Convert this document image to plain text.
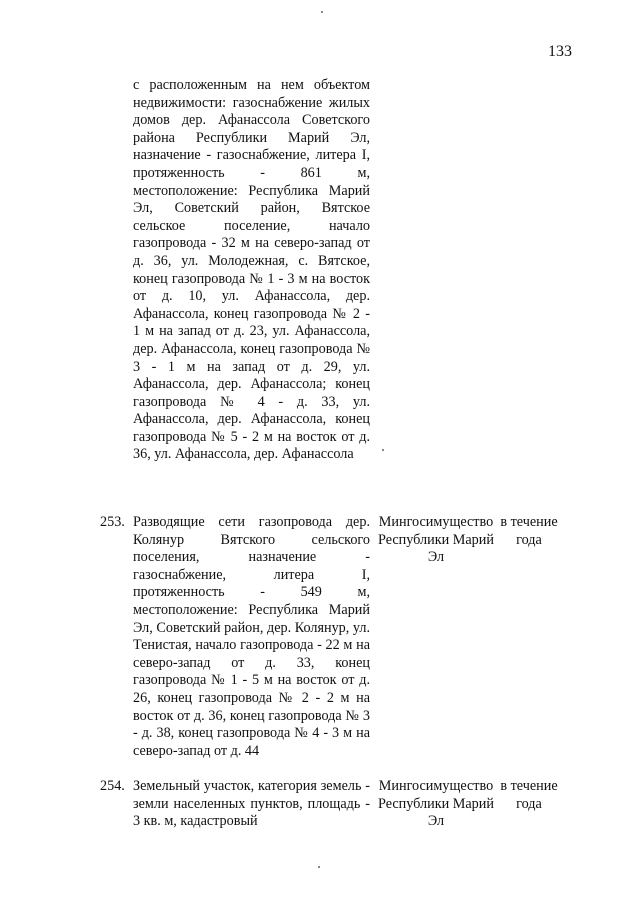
133
с расположенным на нем объектом недвижимости: газоснабжение жилых домов дер. Афанассола Советского района Республики Марий Эл, назначение - газоснабжение, литера I, протяженность - 861 м, местоположение: Республика Марий Эл, Советский район, Вятское сельское поселение, начало газопровода - 32 м на северо-запад от д. 36, ул. Молодежная, с. Вятское, конец газопровода № 1 - 3 м на восток от д. 10, ул. Афанассола, дер. Афанассола, конец газопровода № 2 - 1 м на запад от д. 23, ул. Афанассола, дер. Афанассола, конец газопровода № 3 - 1 м на запад от д. 29, ул. Афанассола, дер. Афанассола; конец газопровода № 4 - д. 33, ул. Афанассола, дер. Афанассола, конец газопровода № 5 - 2 м на восток от д. 36, ул. Афанассола, дер. Афанассола
253. Разводящие сети газопровода дер. Колянур Вятского сельского поселения, назначение - газоснабжение, литера I, протяженность - 549 м, местоположение: Республика Марий Эл, Советский район, дер. Колянур, ул. Тенистая, начало газопровода - 22 м на северо-запад от д. 33, конец газопровода № 1 - 5 м на восток от д. 26, конец газопровода № 2 - 2 м на восток от д. 36, конец газопровода № 3 - д. 38, конец газопровода № 4 - 3 м на северо-запад от д. 44
Мингосимущество Республики Марий Эл
в течение года
254. Земельный участок, категория земель - земли населенных пунктов, площадь - 3 кв. м, кадастровый
Мингосимущество Республики Марий Эл
в течение года
